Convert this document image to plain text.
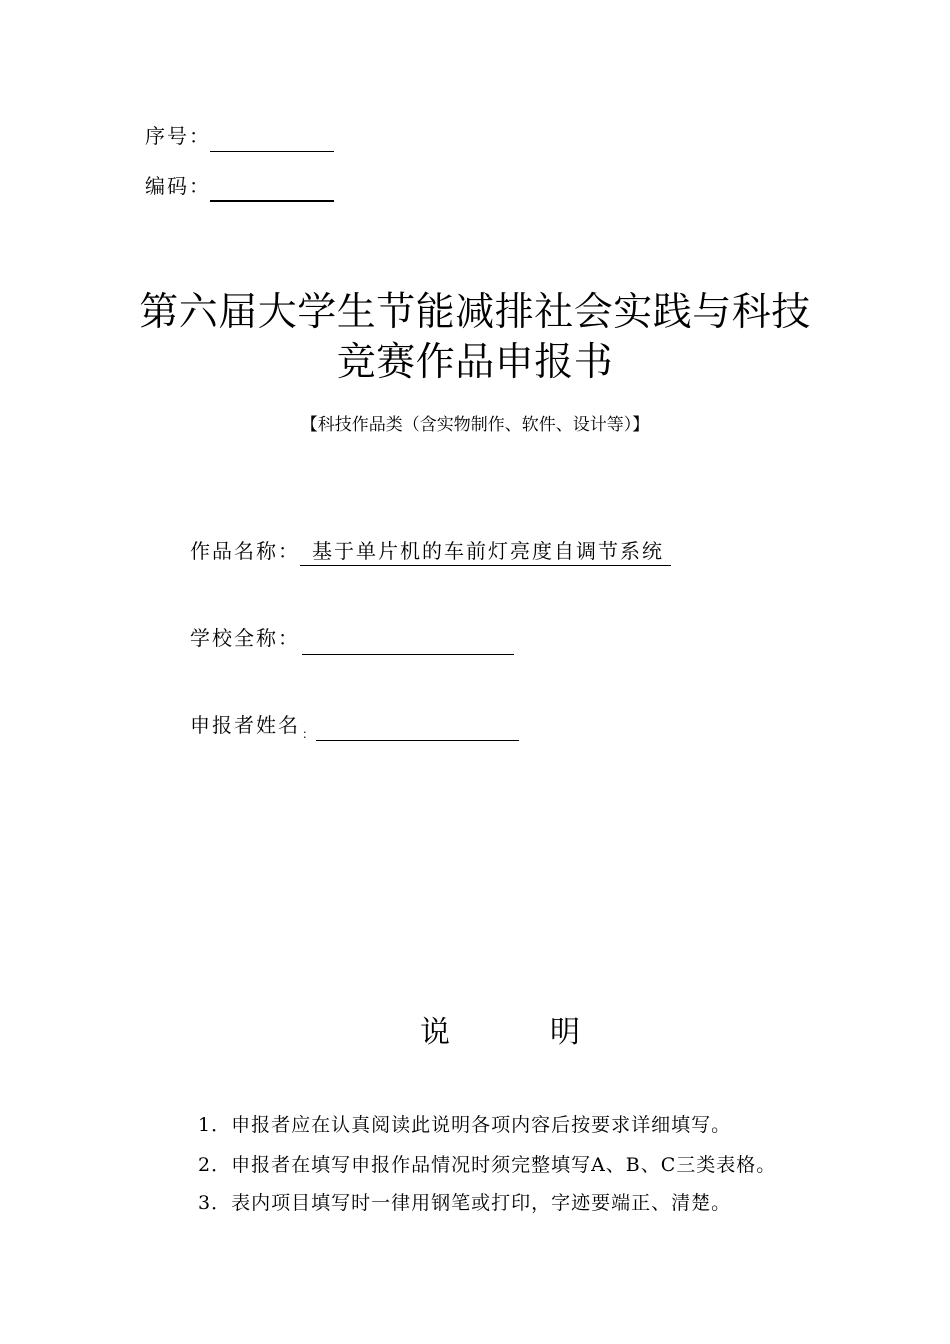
序号：
编码：
第六届大学生节能减排社会实践与科技
竞赛作品申报书
【科技作品类（含实物制作、软件、设计等）】
作品名称： 基于单片机的车前灯亮度自调节系统
学校全称：
申报者姓名 ：
说	明
1．申报者应在认真阅读此说明各项内容后按要求详细填写。
2．申报者在填写申报作品情况时须完整填写A、B、C三类表格。
3．表内项目填写时一律用钢笔或打印，字迹要端正、清楚。
